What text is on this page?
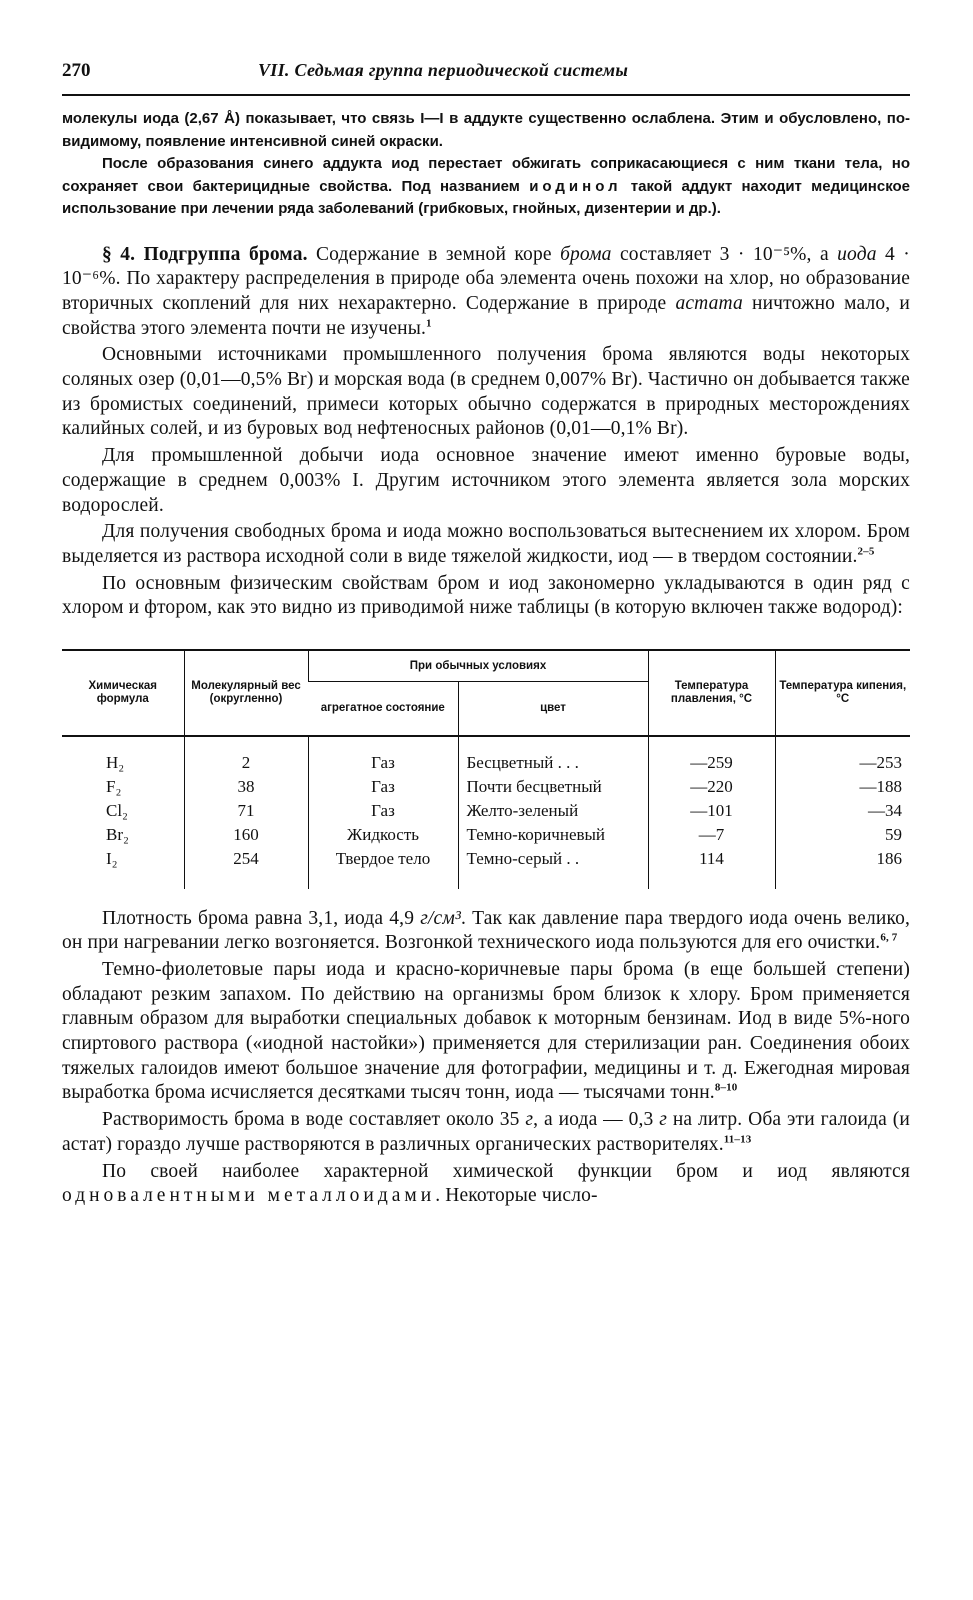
270	VII. Седьмая группа периодической системы

молекулы иода (2,67 Å) показывает, что связь I—I в аддукте существенно ослаблена. Этим и обусловлено, по-видимому, появление интенсивной синей окраски.

После образования синего аддукта иод перестает обжигать соприкасающиеся с ним ткани тела, но сохраняет свои бактерицидные свойства. Под названием иодинол такой аддукт находит медицинское использование при лечении ряда заболеваний (грибковых, гнойных, дизентерии и др.).

§ 4. Подгруппа брома. Содержание в земной коре брома составляет 3 · 10⁻⁵%, а иода 4 · 10⁻⁶%. По характеру распределения в природе оба элемента очень похожи на хлор, но образование вторичных скоплений для них нехарактерно. Содержание в природе астата ничтожно мало, и свойства этого элемента почти не изучены.$^1$

Основными источниками промышленного получения брома являются воды некоторых соляных озер (0,01—0,5% Br) и морская вода (в среднем 0,007% Br). Частично он добывается также из бромистых соединений, примеси которых обычно содержатся в природных месторождениях калийных солей, и из буровых вод нефтеносных районов (0,01—0,1% Br).

Для промышленной добычи иода основное значение имеют именно буровые воды, содержащие в среднем 0,003% I. Другим источником этого элемента является зола морских водорослей.

Для получения свободных брома и иода можно воспользоваться вытеснением их хлором. Бром выделяется из раствора исходной соли в виде тяжелой жидкости, иод — в твердом состоянии.$^{2-5}$

По основным физическим свойствам бром и иод закономерно укладываются в один ряд с хлором и фтором, как это видно из приводимой ниже таблицы (в которую включен также водород):

Химическая формула	Молекулярный вес (округленно)	При обычных условиях		Температура плавления, °С	Температура кипения, °С
		агрегатное состояние	цвет		
H₂	2	Газ	Бесцветный . . .	—259	—253
F₂	38	Газ	Почти бесцветный	—220	—188
Cl₂	71	Газ	Желто-зеленый	—101	—34
Br₂	160	Жидкость	Темно-коричневый	—7	59
I₂	254	Твердое тело	Темно-серый . .	114	186

Плотность брома равна 3,1, иода 4,9 г/см³. Так как давление пара твердого иода очень велико, он при нагревании легко возгоняется. Возгонкой технического иода пользуются для его очистки.$^{6, 7}$

Темно-фиолетовые пары иода и красно-коричневые пары брома (в еще большей степени) обладают резким запахом. По действию на организмы бром близок к хлору. Бром применяется главным образом для выработки специальных добавок к моторным бензинам. Иод в виде 5%-ного спиртового раствора («иодной настойки») применяется для стерилизации ран. Соединения обоих тяжелых галоидов имеют большое значение для фотографии, медицины и т. д. Ежегодная мировая выработка брома исчисляется десятками тысяч тонн, иода — тысячами тонн.$^{8-10}$

Растворимость брома в воде составляет около 35 г, а иода — 0,3 г на литр. Оба эти галоида (и астат) гораздо лучше растворяются в различных органических растворителях.$^{11-13}$

По своей наиболее характерной химической функции бром и иод являются одновалентными металлоидами. Некоторые число-
